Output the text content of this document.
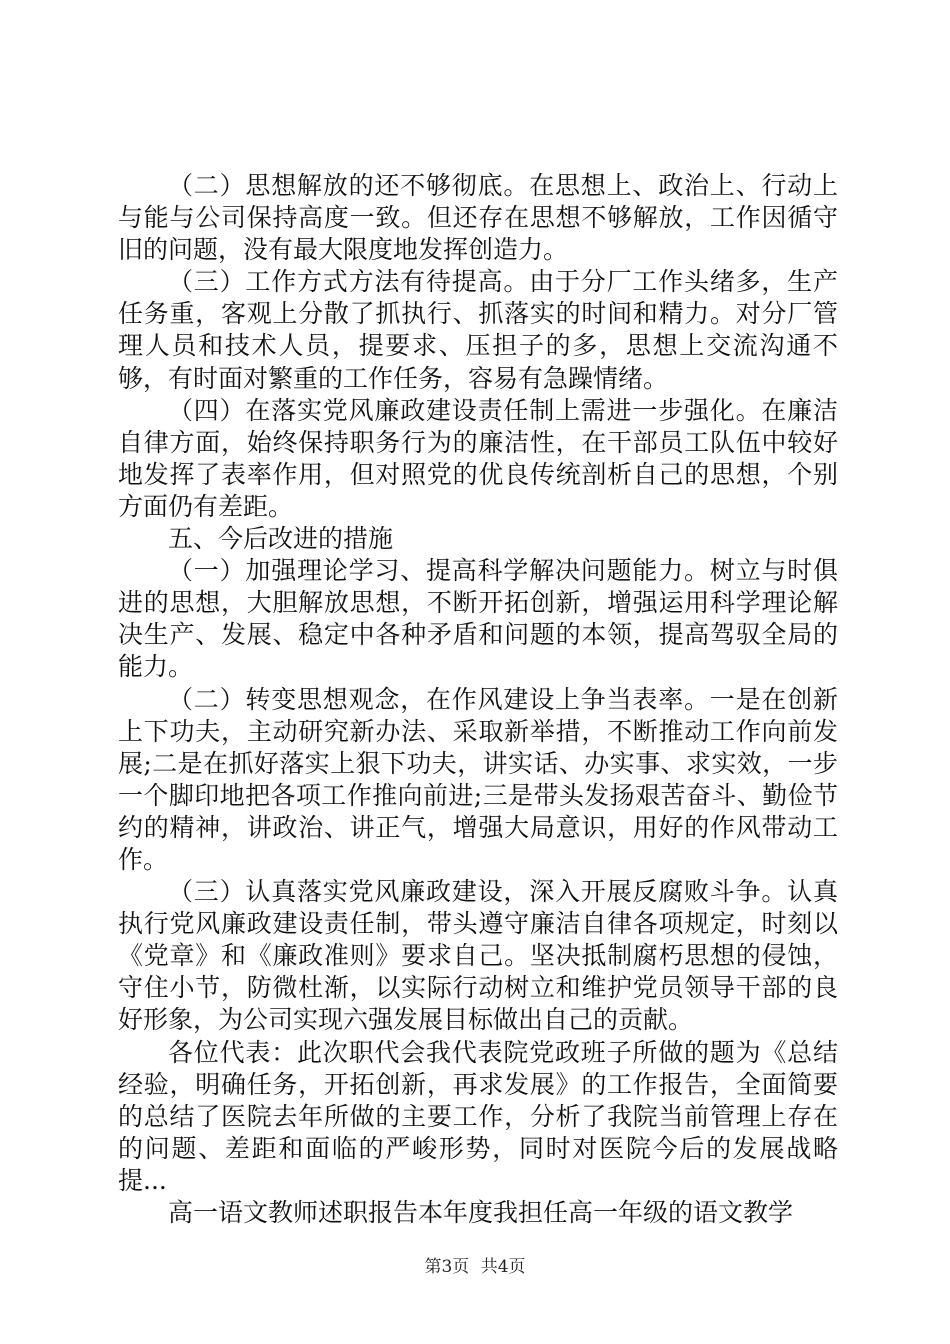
（二）思想解放的还不够彻底。在思想上、政治上、行动上与能与公司保持高度一致。但还存在思想不够解放，工作因循守旧的问题，没有最大限度地发挥创造力。

（三）工作方式方法有待提高。由于分厂工作头绪多，生产任务重，客观上分散了抓执行、抓落实的时间和精力。对分厂管理人员和技术人员，提要求、压担子的多，思想上交流沟通不够，有时面对繁重的工作任务，容易有急躁情绪。

（四）在落实党风廉政建设责任制上需进一步强化。在廉洁自律方面，始终保持职务行为的廉洁性，在干部员工队伍中较好地发挥了表率作用，但对照党的优良传统剖析自己的思想，个别方面仍有差距。

五、今后改进的措施

（一）加强理论学习、提高科学解决问题能力。树立与时俱进的思想，大胆解放思想，不断开拓创新，增强运用科学理论解决生产、发展、稳定中各种矛盾和问题的本领，提高驾驭全局的能力。

（二）转变思想观念，在作风建设上争当表率。一是在创新上下功夫，主动研究新办法、采取新举措，不断推动工作向前发展;二是在抓好落实上狠下功夫，讲实话、办实事、求实效，一步一个脚印地把各项工作推向前进;三是带头发扬艰苦奋斗、勤俭节约的精神，讲政治、讲正气，增强大局意识，用好的作风带动工作。

（三）认真落实党风廉政建设，深入开展反腐败斗争。认真执行党风廉政建设责任制，带头遵守廉洁自律各项规定，时刻以《党章》和《廉政准则》要求自己。坚决抵制腐朽思想的侵蚀，守住小节，防微杜渐，以实际行动树立和维护党员领导干部的良好形象，为公司实现六强发展目标做出自己的贡献。

各位代表：此次职代会我代表院党政班子所做的题为《总结经验，明确任务，开拓创新，再求发展》的工作报告，全面简要的总结了医院去年所做的主要工作，分析了我院当前管理上存在的问题、差距和面临的严峻形势，同时对医院今后的发展战略提...

高一语文教师述职报告本年度我担任高一年级的语文教学

第3页 共4页
